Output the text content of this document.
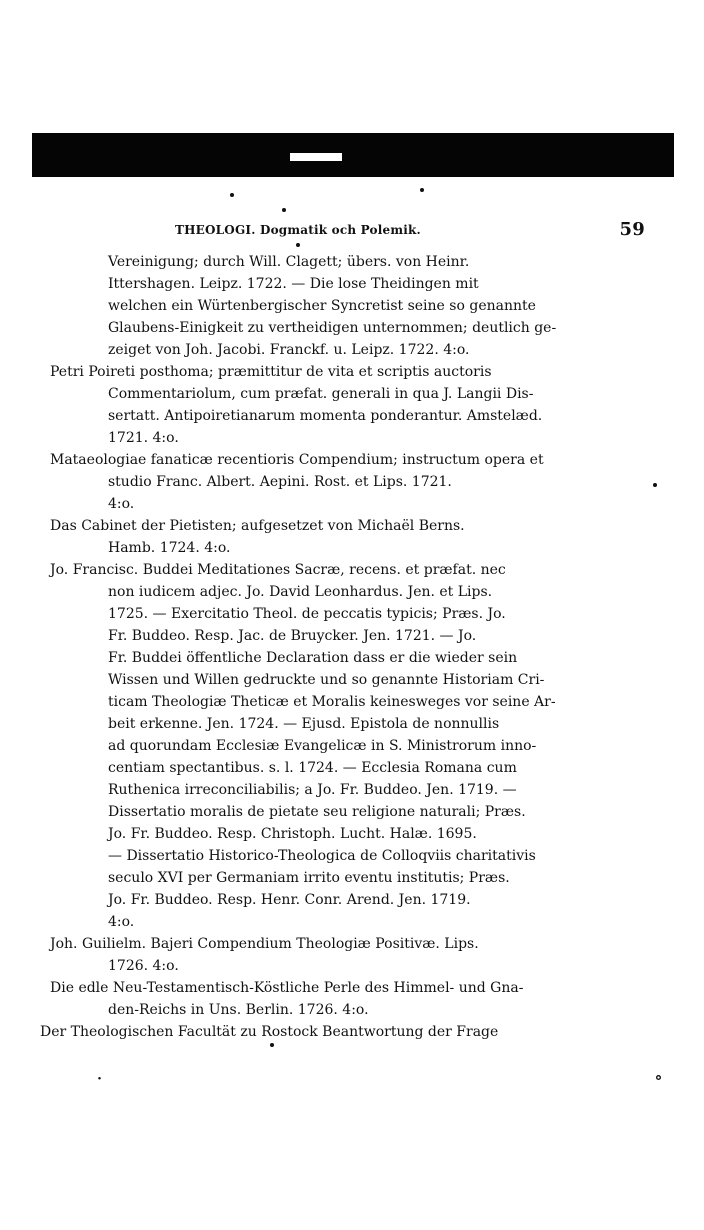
THEOLOGI. Dogmatik och Polemik.	59
Vereinigung; durch Will. Clagett; übers. von Heinr.
Ittershagen. Leipz. 1722. — Die lose Theidingen mit
welchen ein Würtenbergischer Syncretist seine so genannte
Glaubens-Einigkeit zu vertheidigen unternommen; deutlich ge-
zeiget von Joh. Jacobi. Franckf. u. Leipz. 1722. 4:o.
Petri Poireti posthoma; præmittitur de vita et scriptis auctoris
Commentariolum, cum præfat. generali in qua J. Langii Dis-
sertatt. Antipoiretianarum momenta ponderantur. Amstelæd.
1721. 4:o.
Mataeologiae fanaticæ recentioris Compendium; instructum opera et
studio Franc. Albert. Aepini. Rost. et Lips. 1721.
4:o.
Das Cabinet der Pietisten; aufgesetzet von Michaël Berns.
Hamb. 1724. 4:o.
Jo. Francisc. Buddei Meditationes Sacræ, recens. et præfat. nec
non iudicem adjec. Jo. David Leonhardus. Jen. et Lips.
1725. — Exercitatio Theol. de peccatis typicis; Præs. Jo.
Fr. Buddeo. Resp. Jac. de Bruycker. Jen. 1721. — Jo.
Fr. Buddei öffentliche Declaration dass er die wieder sein
Wissen und Willen gedruckte und so genannte Historiam Cri-
ticam Theologiæ Theticæ et Moralis keinesweges vor seine Ar-
beit erkenne. Jen. 1724. — Ejusd. Epistola de nonnullis
ad quorundam Ecclesiæ Evangelicæ in S. Ministrorum inno-
centiam spectantibus. s. l. 1724. — Ecclesia Romana cum
Ruthenica irreconciliabilis; a Jo. Fr. Buddeo. Jen. 1719. —
Dissertatio moralis de pietate seu religione naturali; Præs.
Jo. Fr. Buddeo. Resp. Christoph. Lucht. Halæ. 1695.
— Dissertatio Historico-Theologica de Colloqviis charitativis
seculo XVI per Germaniam irrito eventu institutis; Præs.
Jo. Fr. Buddeo. Resp. Henr. Conr. Arend. Jen. 1719.
4:o.
Joh. Guilielm. Bajeri Compendium Theologiæ Positivæ. Lips.
1726. 4:o.
Die edle Neu-Testamentisch-Köstliche Perle des Himmel- und Gna-
den-Reichs in Uns. Berlin. 1726. 4:o.
Der Theologischen Facultät zu Rostock Beantwortung der Frage
˙	˚
